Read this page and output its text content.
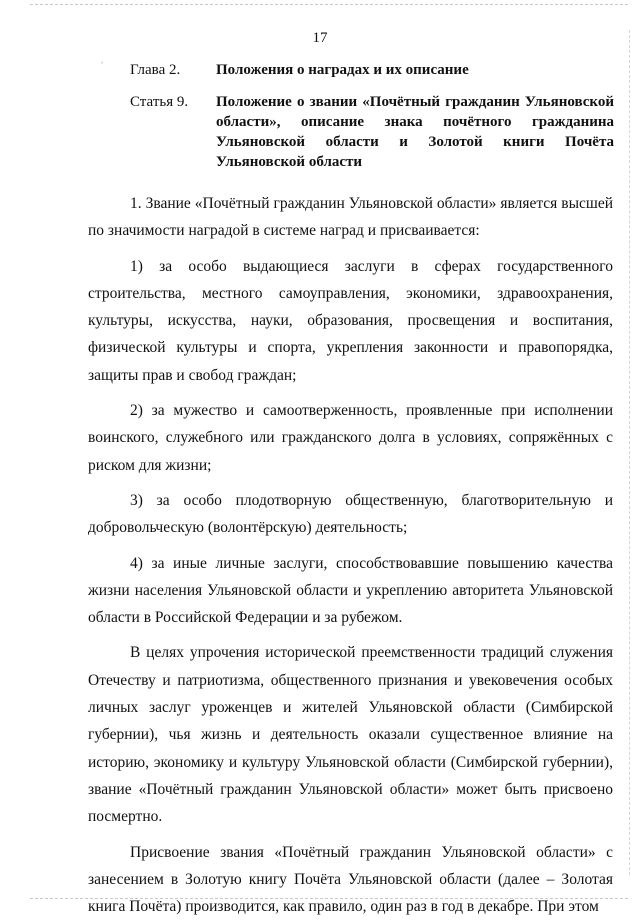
ˌ
17
Глава 2.	Положения о наградах и их описание
Статья 9.	Положение о звании «Почётный гражданин Ульяновской области», описание знака почётного гражданина Ульяновской области и Золотой книги Почёта Ульяновской области

1. Звание «Почётный гражданин Ульяновской области» является высшей по значимости наградой в системе наград и присваивается:

1) за особо выдающиеся заслуги в сферах государственного строительства, местного самоуправления, экономики, здравоохранения, культуры, искусства, науки, образования, просвещения и воспитания, физической культуры и спорта, укрепления законности и правопорядка, защиты прав и свобод граждан;

2) за мужество и самоотверженность, проявленные при исполнении воинского, служебного или гражданского долга в условиях, сопряжённых с риском для жизни;

3) за особо плодотворную общественную, благотворительную и добровольческую (волонтёрскую) деятельность;

4) за иные личные заслуги, способствовавшие повышению качества жизни населения Ульяновской области и укреплению авторитета Ульяновской области в Российской Федерации и за рубежом.

В целях упрочения исторической преемственности традиций служения Отечеству и патриотизма, общественного признания и увековечения особых личных заслуг уроженцев и жителей Ульяновской области (Симбирской губернии), чья жизнь и деятельность оказали существенное влияние на историю, экономику и культуру Ульяновской области (Симбирской губернии), звание «Почётный гражданин Ульяновской области» может быть присвоено посмертно.

Присвоение звания «Почётный гражданин Ульяновской области» с занесением в Золотую книгу Почёта Ульяновской области (далее – Золотая книга Почёта) производится, как правило, один раз в год в декабре. При этом
